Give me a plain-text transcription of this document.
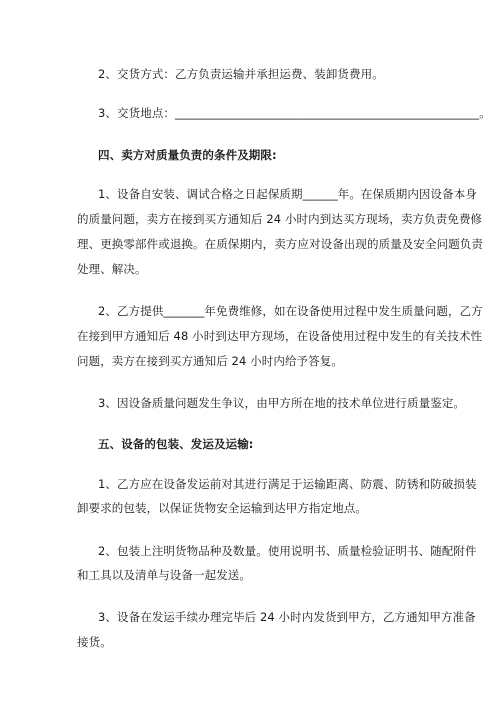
2、交货方式：乙方负责运输并承担运费、装卸货费用。
3、交货地点：____________________________________________________。
四、卖方对质量负责的条件及期限:
1、设备自安装、调试合格之日起保质期______年。在保质期内因设备本身
的质量问题，卖方在接到买方通知后 24 小时内到达买方现场，卖方负责免费修
理、更换零部件或退换。在质保期内，卖方应对设备出现的质量及安全问题负责
处理、解决。
2、乙方提供_______年免费维修，如在设备使用过程中发生质量问题，乙方
在接到甲方通知后 48 小时到达甲方现场，在设备使用过程中发生的有关技术性
问题，卖方在接到买方通知后 24 小时内给予答复。
3、因设备质量问题发生争议，由甲方所在地的技术单位进行质量鉴定。
五、设备的包装、发运及运输:
1、乙方应在设备发运前对其进行满足于运输距离、防震、防锈和防破损装
卸要求的包装，以保证货物安全运输到达甲方指定地点。
2、包装上注明货物品种及数量。使用说明书、质量检验证明书、随配附件
和工具以及清单与设备一起发送。
3、设备在发运手续办理完毕后 24 小时内发货到甲方，乙方通知甲方准备
接货。
